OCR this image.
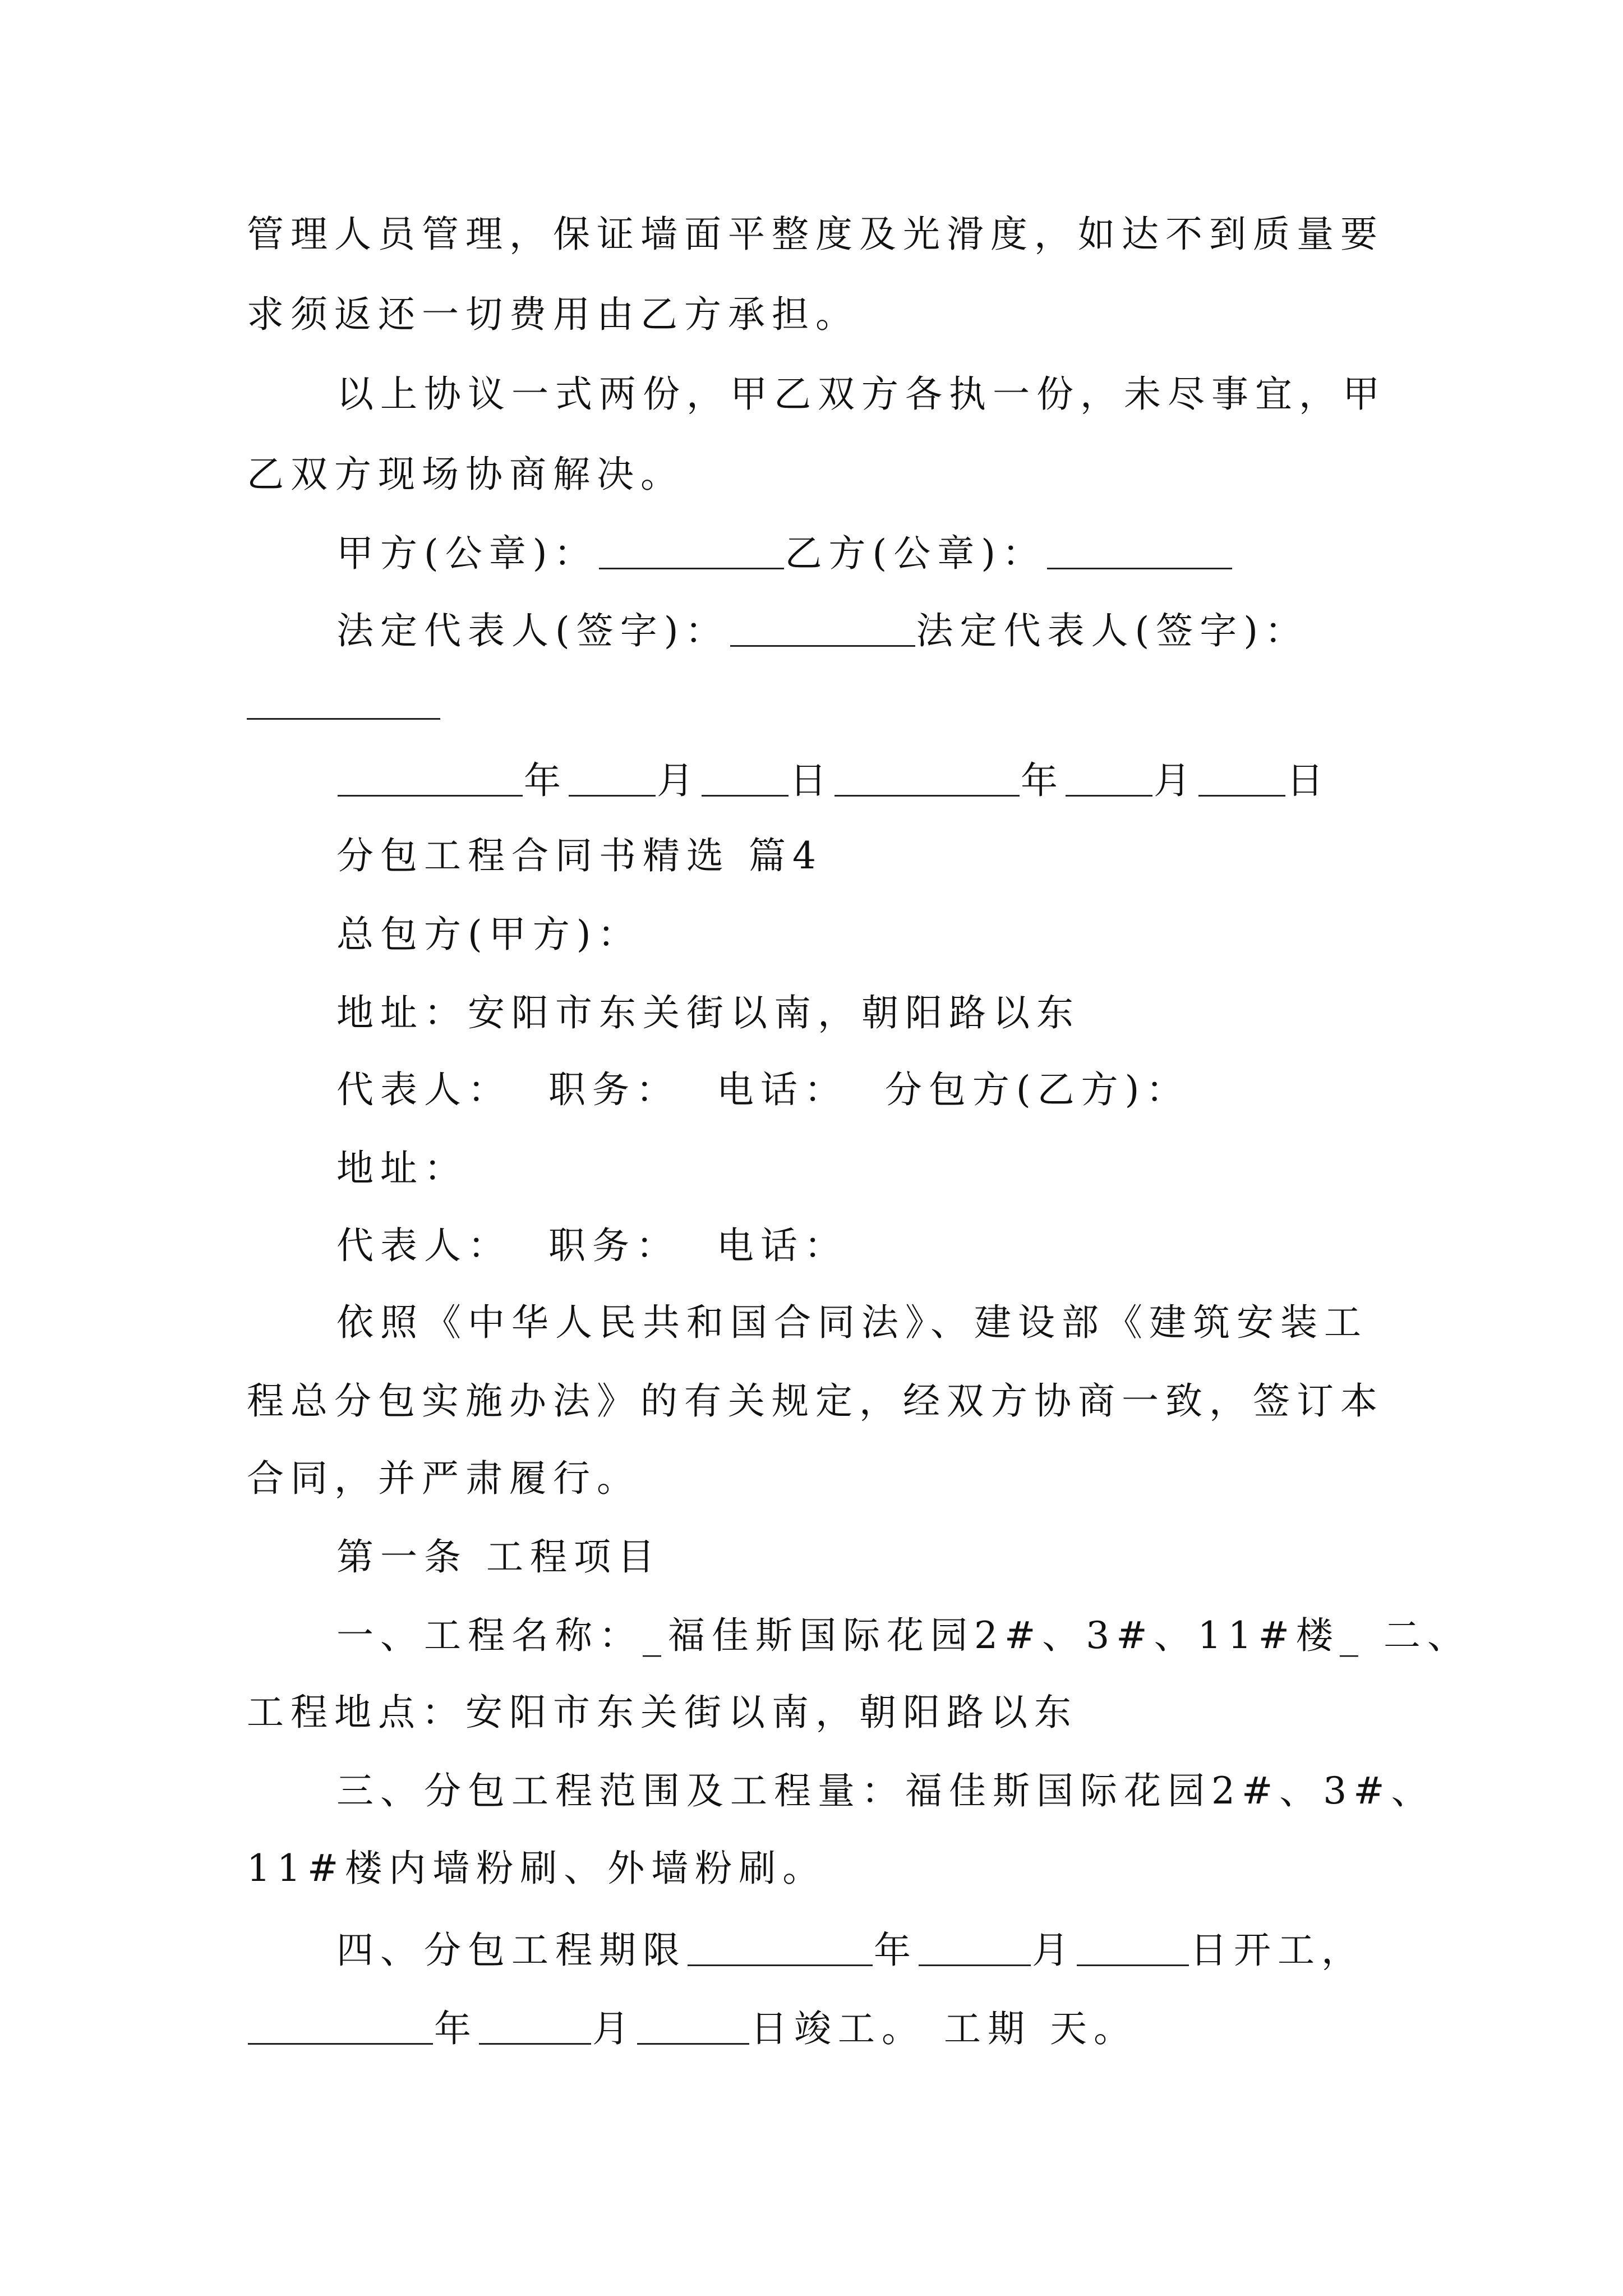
管理人员管理，保证墙面平整度及光滑度，如达不到质量要
求须返还一切费用由乙方承担。
以上协议一式两份，甲乙双方各执一份，未尽事宜，甲
乙双方现场协商解决。
甲方(公章)：	乙方(公章)：
法定代表人(签字)：	法定代表人(签字)：
年 月 日	年 月 日
分包工程合同书精选 篇4
总包方(甲方)：
地址：安阳市东关街以南，朝阳路以东
代表人：  职务：  电话：  分包方(乙方)：
地址：
代表人：  职务：  电话：
依照《中华人民共和国合同法》、建设部《建筑安装工
程总分包实施办法》的有关规定，经双方协商一致，签订本
合同，并严肃履行。
第一条 工程项目
一、工程名称：_福佳斯国际花园2#、3#、11#楼_ 二、
工程地点：安阳市东关街以南，朝阳路以东
三、分包工程范围及工程量：福佳斯国际花园2#、3#、
11#楼内墙粉刷、外墙粉刷。
四、分包工程期限	年	月	日开工，
年	月	日竣工。 工期 天。
